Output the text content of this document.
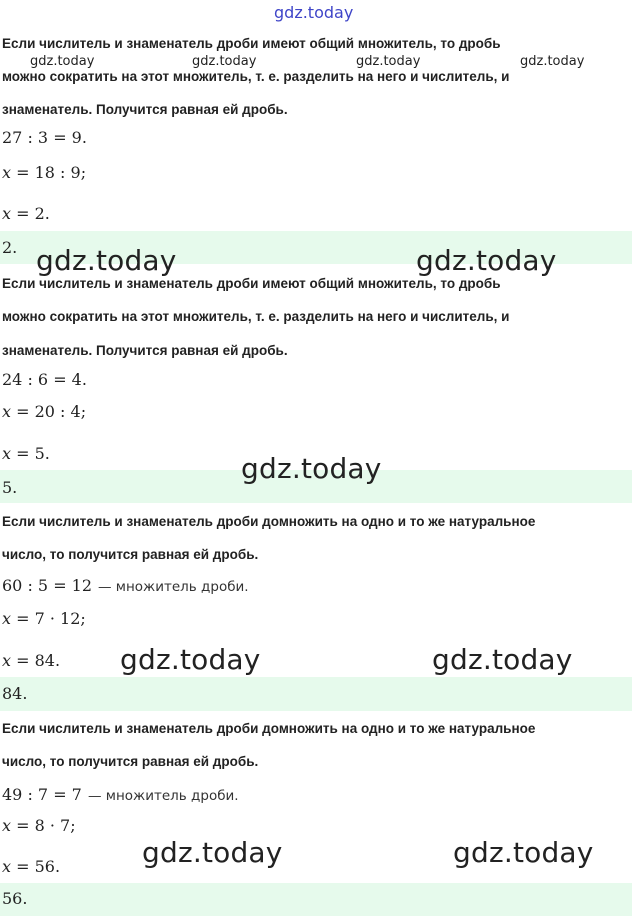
gdz.today
Если числитель и знаменатель дроби имеют общий множитель, то дробь
можно сократить на этот множитель, т. е. разделить на него и числитель, и
знаменатель. Получится равная ей дробь.
27 : 3 = 9.
x = 18 : 9;
x = 2.
2.
gdz.today	gdz.today	gdz.today	gdz.today
gdz.today	gdz.today
Если числитель и знаменатель дроби имеют общий множитель, то дробь
можно сократить на этот множитель, т. е. разделить на него и числитель, и
знаменатель. Получится равная ей дробь.
24 : 6 = 4.
x = 20 : 4;
x = 5.
5.
gdz.today
Если числитель и знаменатель дроби домножить на одно и то же натуральное
число, то получится равная ей дробь.
60 : 5 = 12 — множитель дроби.
x = 7 · 12;
x = 84.
84.
gdz.today	gdz.today
Если числитель и знаменатель дроби домножить на одно и то же натуральное
число, то получится равная ей дробь.
49 : 7 = 7 — множитель дроби.
x = 8 · 7;
x = 56.
56.
gdz.today	gdz.today
